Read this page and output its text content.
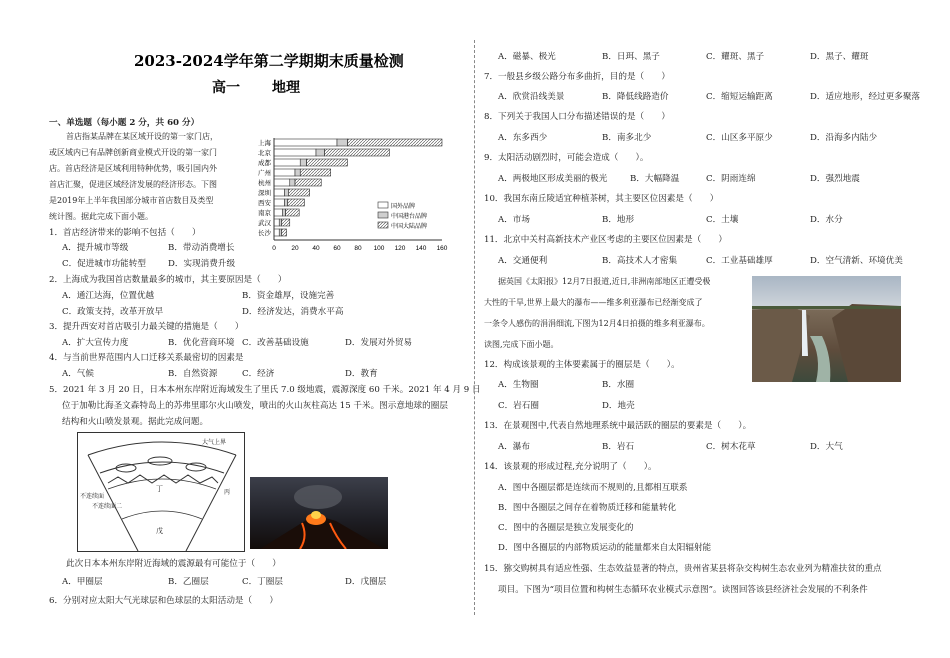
2023-2024学年第二学期期末质量检测
高一 地理
一、单选题（每小题 2 分，共 60 分）
首店指某品牌在某区域开设的第一家门店，
或区域内已有品牌创新商业模式开设的第一家门
店。首店经济是区域利用特种优势，吸引国内外
首店汇聚，促进区域经济发展的经济形态。下图
是2019年上半年我国部分城市首店数目及类型
统计图。据此完成下面小题。
上海
北京
成都
广州
杭州
深圳
西安
南京
武汉
长沙
0 20 40 60 80 100 120 140 160
国外品牌
中国港台品牌
中国大陆品牌
1．首店经济带来的影响不包括（　　）
A．提升城市等级	B．带动消费增长
C．促进城市功能转型	D．实现消费升级
2．上海成为我国首店数量最多的城市，其主要原因是（　　）
A．通江达海，位置优越	B．资金雄厚，设施完善
C．政策支持，改革开放早	D．经济发达，消费水平高
3．提升西安对首店吸引力最关键的措施是（　　）
A．扩大宣传力度	B．优化营商环境 C．改善基础设施	D．发展对外贸易
4．与当前世界范围内人口迁移关系最密切的因素是
A．气候	B．自然资源	C．经济	D．教育
5．2021 年 3 月 20 日，日本本州东岸附近海域发生了里氏 7.0 级地震，震源深度 60 千米。2021 年 4 月 9 日
位于加勒比海圣文森特岛上的苏弗里耶尔火山喷发，喷出的火山灰柱高达 15 千米。图示意地球的圈层
结构和火山喷发景观。据此完成问题。
大气上界
丙
丁
戊
不连续面
不连续面二
此次日本本州东岸附近海域的震源最有可能位于（　　）
A．甲圈层	B．乙圈层	C．丁圈层	D．戊圈层
6．分别对应太阳大气光球层和色球层的太阳活动是（　　）
A．磁暴、极光	B．日珥、黑子	C．耀斑、黑子	D．黑子、耀斑
7．一般县乡级公路分布多曲折，目的是（　　）
A．欣赏沿线美景	B．降低线路造价	C．缩短运输距离	D．适应地形，经过更多聚落
8．下列关于我国人口分布描述错误的是（　　）
A．东多西少	B．南多北少	C．山区多平原少	D．沿海多内陆少
9．太阳活动剧烈时，可能会造成（　　）。
A．两极地区形成美丽的极光	B．大幅降温	C．阴雨连绵	D．强烈地震
10．我国东南丘陵适宜种植茶树，其主要区位因素是（　　）
A．市场	B．地形	C．土壤	D．水分
11．北京中关村高新技术产业区考虑的主要区位因素是（　　）
A．交通便利	B．高技术人才密集	C．工业基础雄厚	D．空气清新、环境优美
据英国《太阳报》12月7日报道,近日,非洲南部地区正遭受极
大性的干旱,世界上最大的瀑布——维多利亚瀑布已经渐变成了
一条令人感伤的涓涓细流,下图为12月4日拍摄的维多利亚瀑布。
读图,完成下面小题。
12．构成该景观的主体要素属于的圈层是（　　）。
A．生物圈	B．水圈
C．岩石圈	D．地壳
13．在景观图中,代表自然地理系统中最活跃的圈层的要素是（　　）。
A．瀑布	B．岩石	C．树木花草	D．大气
14．该景观的形成过程,充分说明了（　　）。
A．图中各圈层都是连续而不规则的,且都相互联系
B．图中各圈层之间存在着物质迁移和能量转化
C．图中的各圈层是独立发展变化的
D．图中各圈层的内部物质运动的能量都来自太阳辐射能
15．猕交购树具有适应性强、生态效益显著的特点，贵州省某县将杂交构树生态农业列为精准扶贫的重点
项目。下图为“项目位置和构树生态循环农业模式示意图”。读图回答该县经济社会发展的不利条件
